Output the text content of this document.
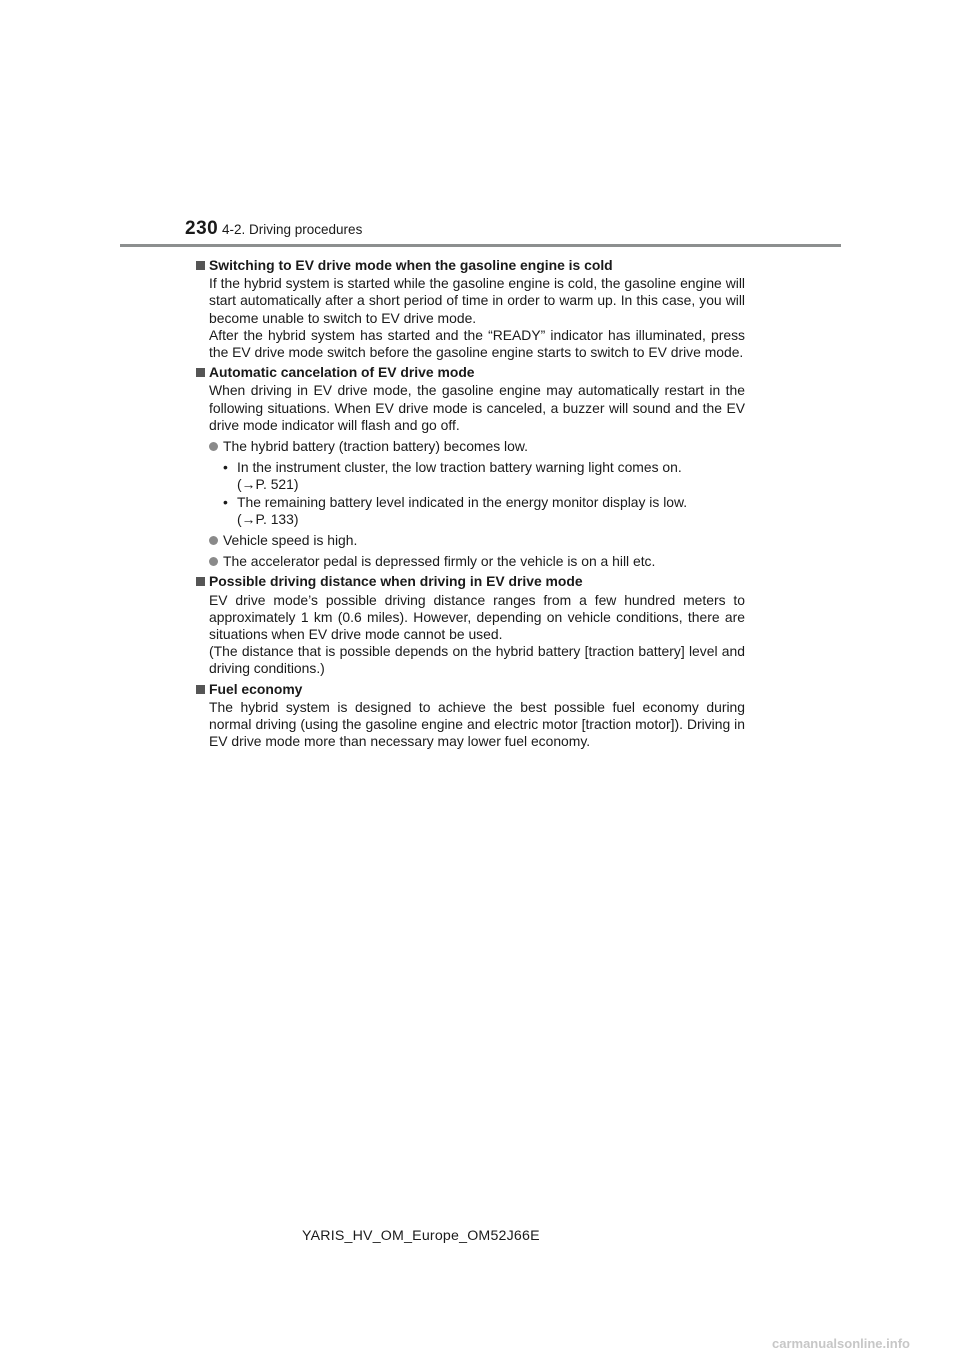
230 4-2. Driving procedures
Switching to EV drive mode when the gasoline engine is cold
If the hybrid system is started while the gasoline engine is cold, the gasoline engine will start automatically after a short period of time in order to warm up. In this case, you will become unable to switch to EV drive mode.
After the hybrid system has started and the “READY” indicator has illuminated, press the EV drive mode switch before the gasoline engine starts to switch to EV drive mode.
Automatic cancelation of EV drive mode
When driving in EV drive mode, the gasoline engine may automatically restart in the following situations. When EV drive mode is canceled, a buzzer will sound and the EV drive mode indicator will flash and go off.
The hybrid battery (traction battery) becomes low.
• In the instrument cluster, the low traction battery warning light comes on.
(→P. 521)
• The remaining battery level indicated in the energy monitor display is low.
(→P. 133)
Vehicle speed is high.
The accelerator pedal is depressed firmly or the vehicle is on a hill etc.
Possible driving distance when driving in EV drive mode
EV drive mode’s possible driving distance ranges from a few hundred meters to approximately 1 km (0.6 miles). However, depending on vehicle conditions, there are situations when EV drive mode cannot be used.
(The distance that is possible depends on the hybrid battery [traction battery] level and driving conditions.)
Fuel economy
The hybrid system is designed to achieve the best possible fuel economy during normal driving (using the gasoline engine and electric motor [traction motor]). Driving in EV drive mode more than necessary may lower fuel economy.
YARIS_HV_OM_Europe_OM52J66E
carmanualsonline.info
